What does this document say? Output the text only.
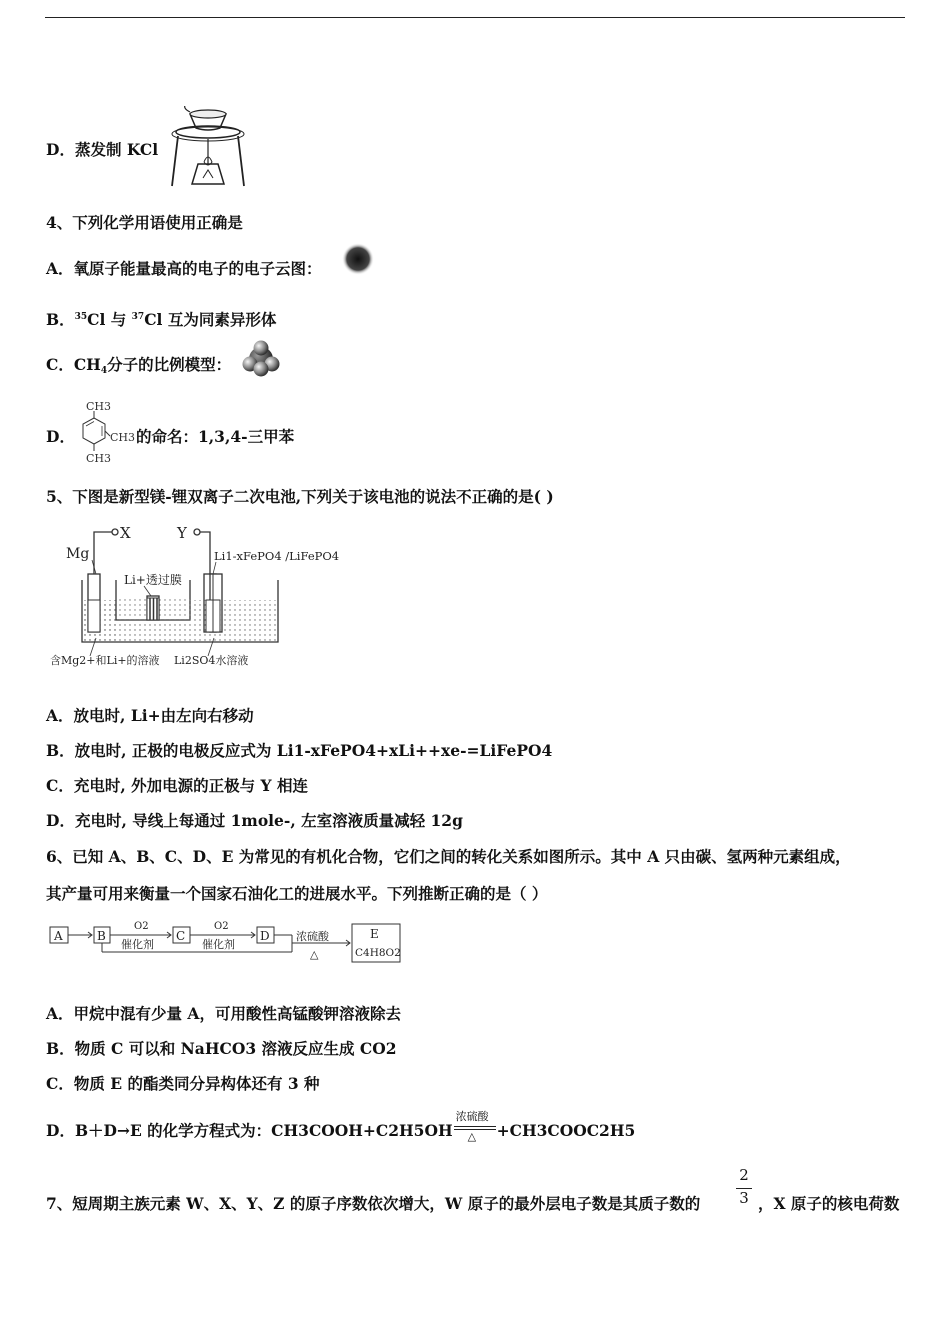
D．蒸发制 KCl
4、下列化学用语使用正确是
A．氧原子能量最高的电子的电子云图：
B．$^{35}$Cl 与 $^{37}$Cl 互为同素异形体
C．$CH_4$分子的比例模型：
D．
CH3
CH3
CH3
的命名：1,3,4-三甲苯
5、下图是新型镁-锂双离子二次电池,下列关于该电池的说法不正确的是( )
X	Y
Mg	Li1-xFePO4 /LiFePO4
Li+透过膜
含Mg2+和Li+的溶液 Li2SO4水溶液
A．放电时, Li+由左向右移动
B．放电时, 正极的电极反应式为 Li1-xFePO4+xLi++xe-=LiFePO4
C．充电时, 外加电源的正极与 Y 相连
D．充电时, 导线上每通过 1mole-, 左室溶液质量减轻 12g
6、已知 A、B、C、D、E 为常见的有机化合物，它们之间的转化关系如图所示。其中 A 只由碳、氢两种元素组成，
其产量可用来衡量一个国家石油化工的进展水平。下列推断正确的是（ ）
A	B	C	D	E
C4H8O2
O2
催化剂
O2
催化剂
浓硫酸
△
A．甲烷中混有少量 A，可用酸性高锰酸钾溶液除去
B．物质 C 可以和 NaHCO3 溶液反应生成 CO2
C．物质 E 的酯类同分异构体还有 3 种
D．B＋D→E 的化学方程式为：CH3COOH+C2H5OH
浓硫酸
△ +CH3COOC2H5
7、短周期主族元素 W、X、Y、Z 的原子序数依次增大，W 原子的最外层电子数是其质子数的
2
3 ，X 原子的核电荷数
